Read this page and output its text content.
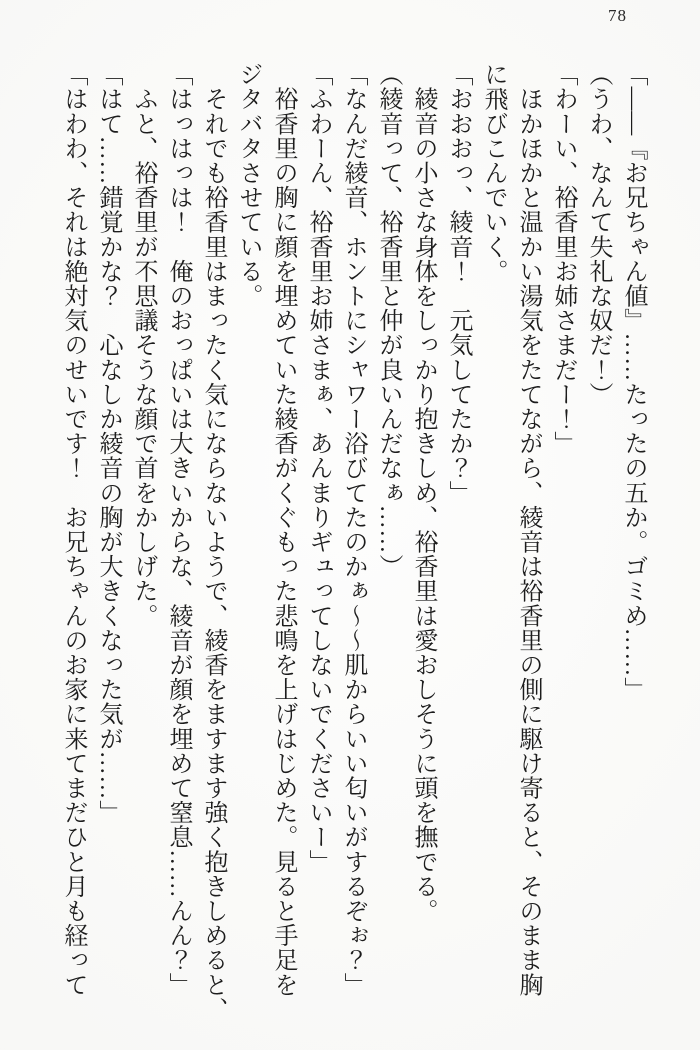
78

「――『お兄ちゃん値』……たったの五か。ゴミめ……」

（うわ、なんて失礼な奴だ！）

「わーい、裕香里お姉さまだー！」

　ほかほかと温かい湯気をたてながら、綾音は裕香里の側に駆け寄ると、そのまま胸

に飛びこんでいく。

「おおおっ、綾音！　元気してたか？」

　綾音の小さな身体をしっかり抱きしめ、裕香里は愛おしそうに頭を撫でる。

（綾音って、裕香里と仲が良いんだなぁ……）

「なんだ綾音、ホントにシャワー浴びてたのかぁ〜〜肌からいい匂いがするぞぉ？」

「ふわーん、裕香里お姉さまぁ、あんまりギュってしないでくださいー」

　裕香里の胸に顔を埋めていた綾香がくぐもった悲鳴を上げはじめた。見ると手足を

ジタバタさせている。

　それでも裕香里はまったく気にならないようで、綾香をますます強く抱きしめると、

「はっはっは！　俺のおっぱいは大きいからな、綾音が顔を埋めて窒息……んん？」

　ふと、裕香里が不思議そうな顔で首をかしげた。

「はて……錯覚かな？　心なしか綾音の胸が大きくなった気が……」

「はわわ、それは絶対気のせいです！　お兄ちゃんのお家に来てまだひと月も経って
